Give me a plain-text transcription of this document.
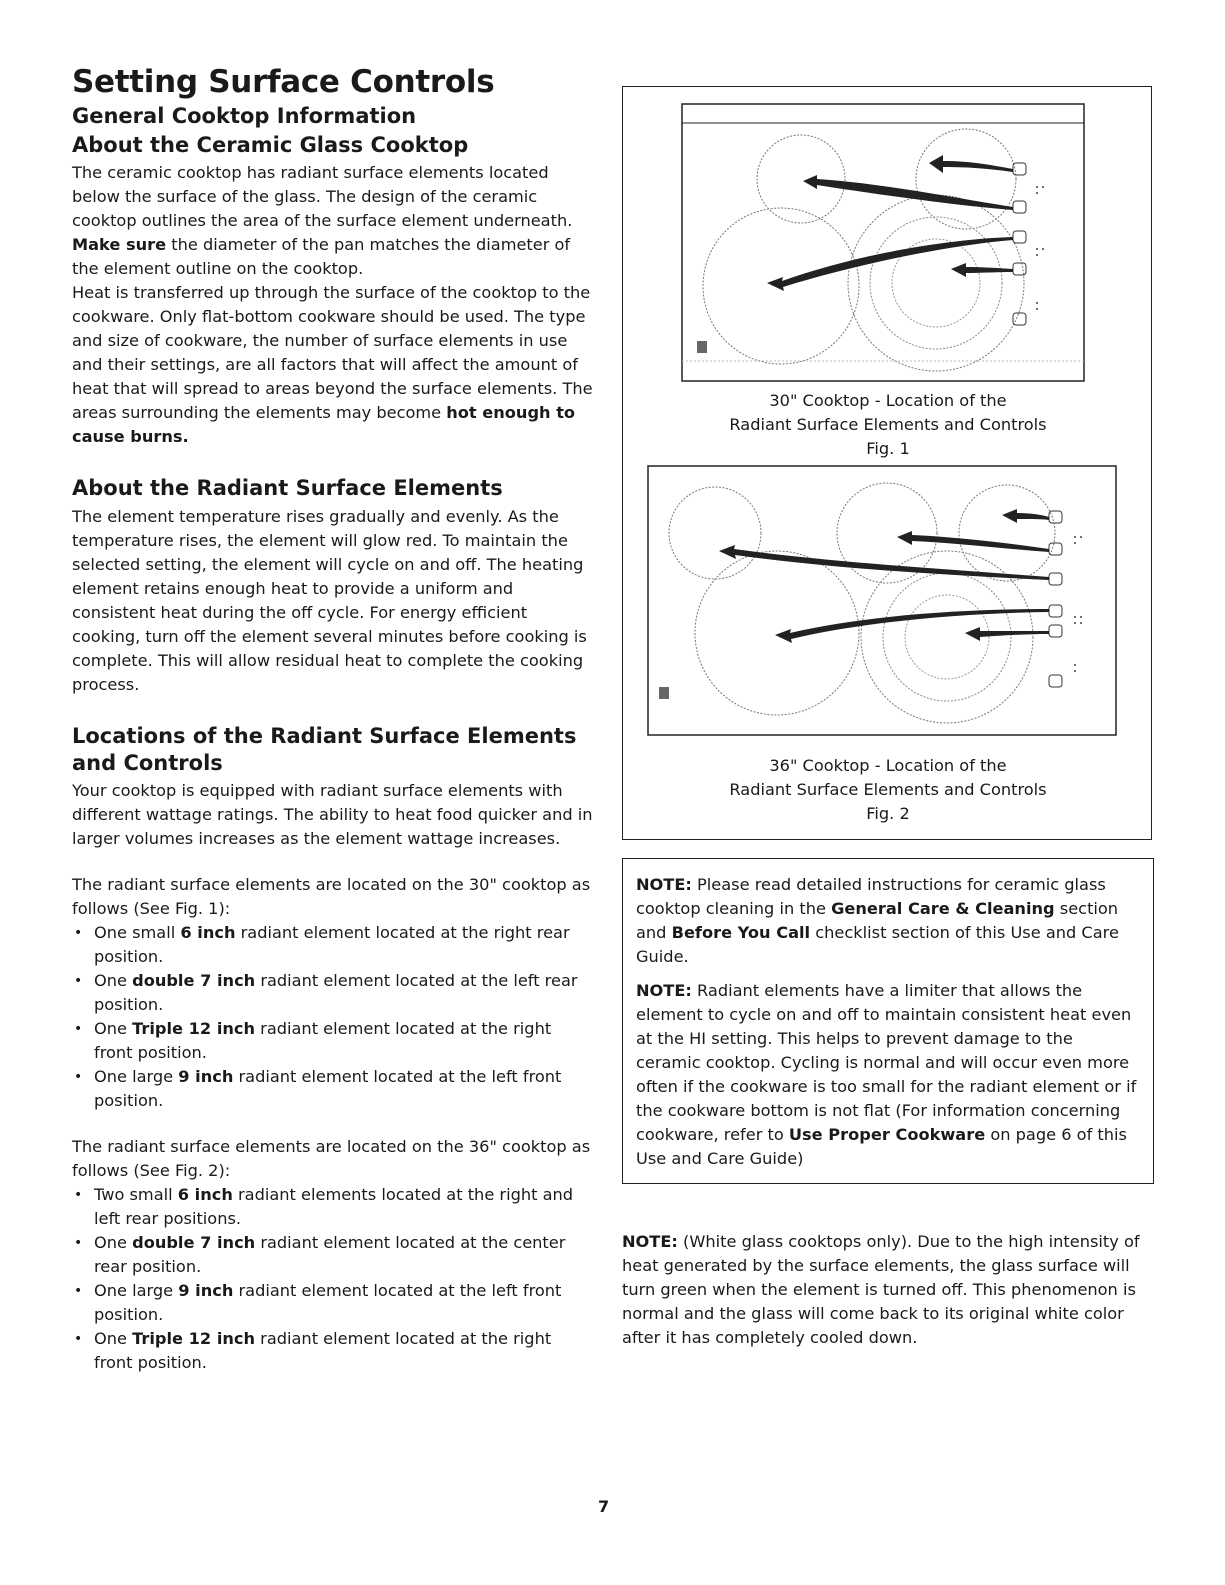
Setting Surface Controls
General Cooktop Information
About the Ceramic Glass Cooktop

The ceramic cooktop has radiant surface elements located below the surface of the glass. The design of the ceramic cooktop outlines the area of the surface element underneath. Make sure the diameter of the pan matches the diameter of the element outline on the cooktop.

Heat is transferred up through the surface of the cooktop to the cookware. Only flat-bottom cookware should be used. The type and size of cookware, the number of surface elements in use and their settings, are all factors that will affect the amount of heat that will spread to areas beyond the surface elements. The areas surrounding the elements may become hot enough to cause burns.

About the Radiant Surface Elements

The element temperature rises gradually and evenly. As the temperature rises, the element will glow red. To maintain the selected setting, the element will cycle on and off. The heating element retains enough heat to provide a uniform and consistent heat during the off cycle. For energy efficient cooking, turn off the element several minutes before cooking is complete. This will allow residual heat to complete the cooking process.

Locations of the Radiant Surface Elements and Controls

Your cooktop is equipped with radiant surface elements with different wattage ratings. The ability to heat food quicker and in larger volumes increases as the element wattage increases.

The radiant surface elements are located on the 30" cooktop as follows (See Fig. 1):

• One small 6 inch radiant element located at the right rear position.
• One double 7 inch radiant element located at the left rear position.
• One Triple 12 inch radiant element located at the right front position.
• One large 9 inch radiant element located at the left front position.

The radiant surface elements are located on the 36" cooktop as follows (See Fig. 2):

• Two small 6 inch radiant elements located at the right and left rear positions.
• One double 7 inch radiant element located at the center rear position.
• One large 9 inch radiant element located at the left front position.
• One Triple 12 inch radiant element located at the right front position.
30" Cooktop - Location of the
Radiant Surface Elements and Controls
Fig. 1
36" Cooktop - Location of the
Radiant Surface Elements and Controls
Fig. 2

NOTE: Please read detailed instructions for ceramic glass cooktop cleaning in the General Care & Cleaning section and Before You Call checklist section of this Use and Care Guide.

NOTE: Radiant elements have a limiter that allows the element to cycle on and off to maintain consistent heat even at the HI setting. This helps to prevent damage to the ceramic cooktop. Cycling is normal and will occur even more often if the cookware is too small for the radiant element or if the cookware bottom is not flat (For information concerning cookware, refer to Use Proper Cookware on page 6 of this Use and Care Guide)

NOTE: (White glass cooktops only). Due to the high intensity of heat generated by the surface elements, the glass surface will turn green when the element is turned off. This phenomenon is normal and the glass will come back to its original white color after it has completely cooled down.

7
